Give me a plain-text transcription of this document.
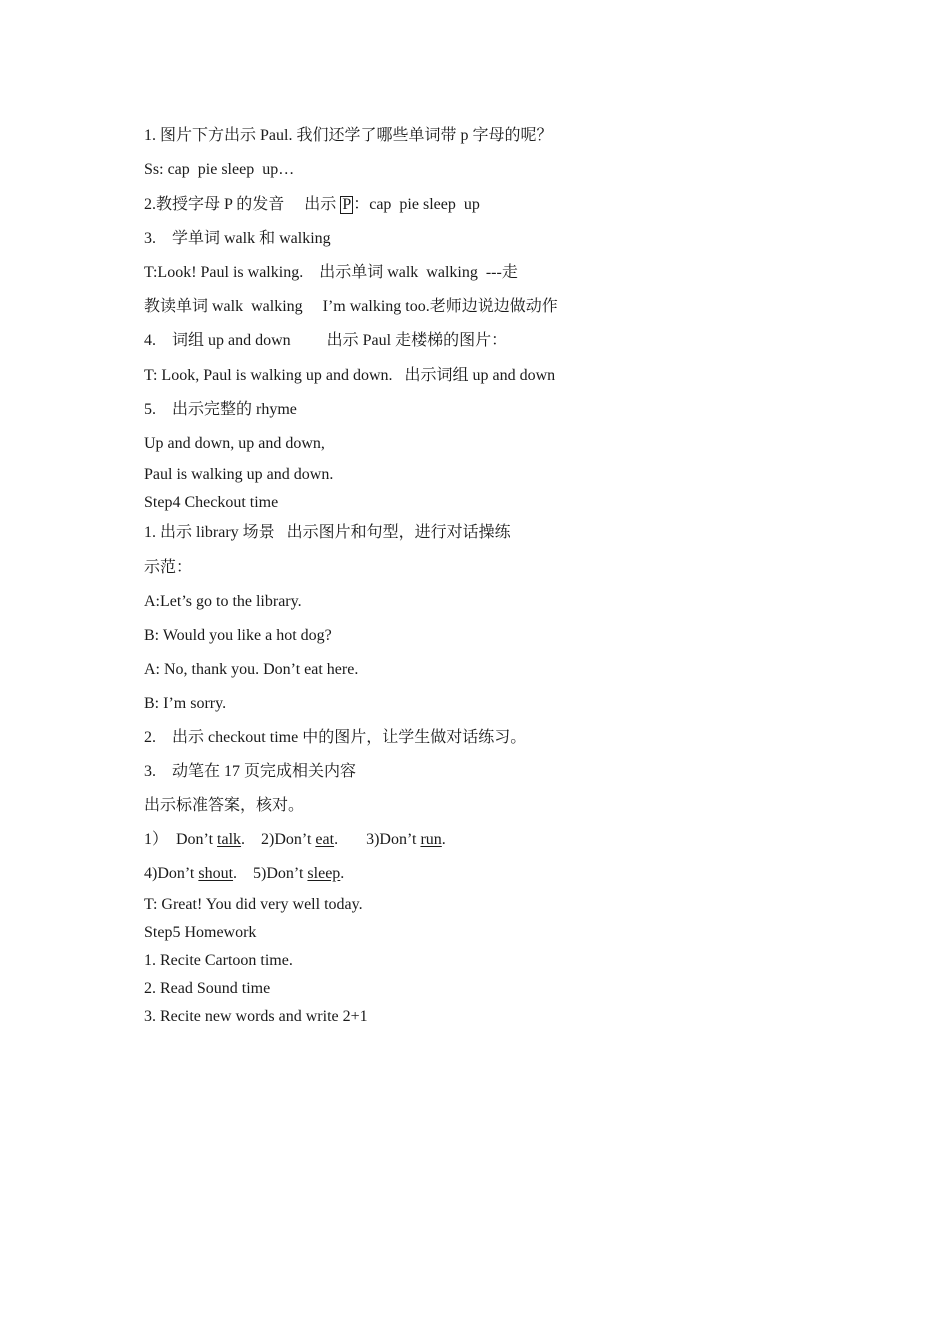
1. 图片下方出示 Paul. 我们还学了哪些单词带 p 字母的呢？
Ss: cap  pie sleep  up…
2.教授字母 P 的发音     出示 P ：cap  pie sleep  up
3.    学单词 walk 和 walking
T:Look! Paul is walking.    出示单词 walk  walking  ---走
教读单词 walk  walking     I’m walking too.老师边说边做动作
4.    词组 up and down         出示 Paul 走楼梯的图片：
T: Look, Paul is walking up and down.   出示词组 up and down
5.    出示完整的 rhyme
Up and down, up and down,
Paul is walking up and down.
Step4 Checkout time
1. 出示 library 场景   出示图片和句型，进行对话操练
示范：
A:Let’s go to the library.
B: Would you like a hot dog?
A: No, thank you. Don’t eat here.
B: I’m sorry.
2.    出示 checkout time 中的图片，让学生做对话练习。
3.    动笔在 17 页完成相关内容
出示标准答案，核对。
1）  Don’t talk.    2)Don’t eat.       3)Don’t run.
4)Don’t shout.    5)Don’t sleep.
T: Great! You did very well today.
Step5 Homework
1. Recite Cartoon time.
2. Read Sound time
3. Recite new words and write 2+1
